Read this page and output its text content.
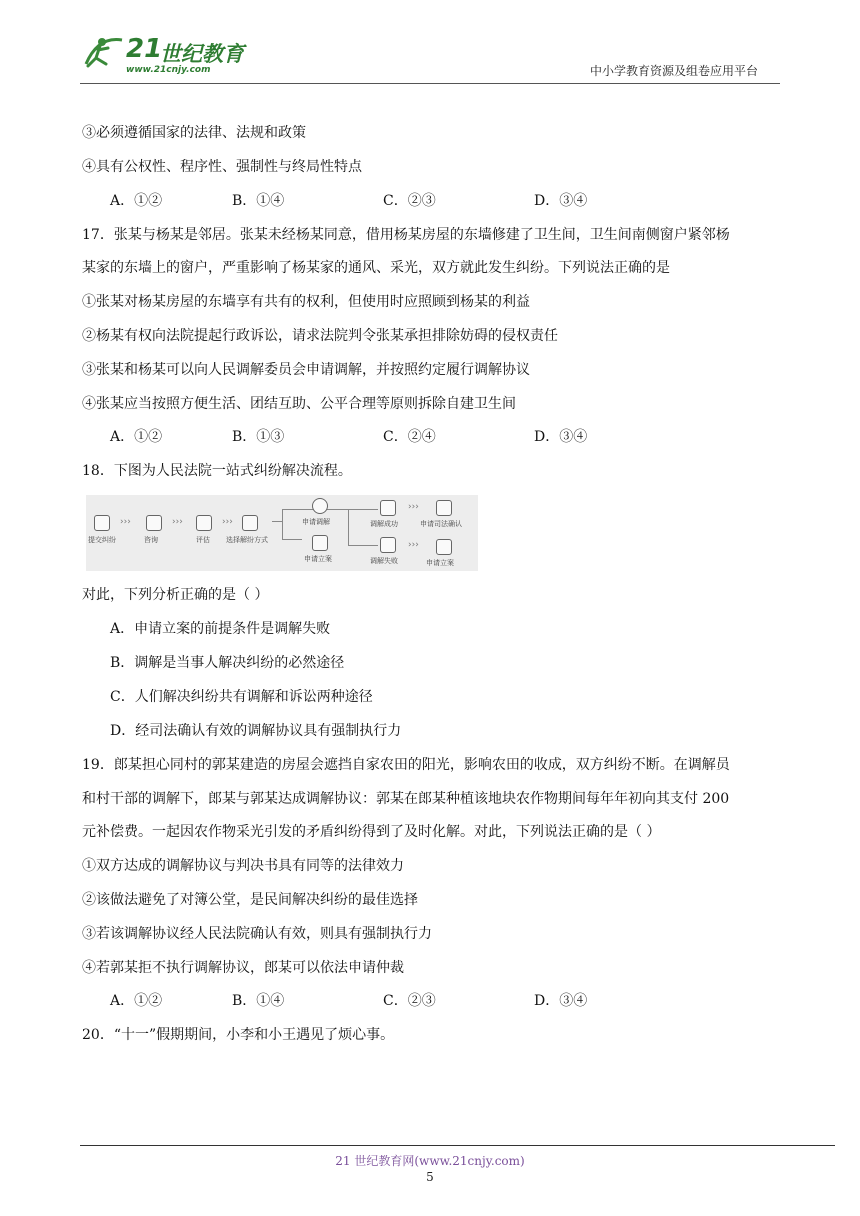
21
世纪教育
www.21cnjy.com	中小学教育资源及组卷应用平台
③必须遵循国家的法律、法规和政策
④具有公权性、程序性、强制性与终局性特点
A．①②	B．①④	C．②③	D．③④
17．张某与杨某是邻居。张某未经杨某同意，借用杨某房屋的东墙修建了卫生间，卫生间南侧窗户紧邻杨
某家的东墙上的窗户，严重影响了杨某家的通风、采光，双方就此发生纠纷。下列说法正确的是
①张某对杨某房屋的东墙享有共有的权利，但使用时应照顾到杨某的利益
②杨某有权向法院提起行政诉讼，请求法院判令张某承担排除妨碍的侵权责任
③张某和杨某可以向人民调解委员会申请调解，并按照约定履行调解协议
④张某应当按照方便生活、团结互助、公平合理等原则拆除自建卫生间
A．①②	B．①③	C．②④	D．③④
18．下图为人民法院一站式纠纷解决流程。
提交纠纷
›››
咨询
›››
评估
›››
选择解纷方式
申请调解
申请立案
调解成功
›››
申请司法确认
调解失败
›››
申请立案
对此，下列分析正确的是（ ）
A．申请立案的前提条件是调解失败
B．调解是当事人解决纠纷的必然途径
C．人们解决纠纷共有调解和诉讼两种途径
D．经司法确认有效的调解协议具有强制执行力
19．郎某担心同村的郭某建造的房屋会遮挡自家农田的阳光，影响农田的收成，双方纠纷不断。在调解员
和村干部的调解下，郎某与郭某达成调解协议：郭某在郎某种植该地块农作物期间每年年初向其支付 200
元补偿费。一起因农作物采光引发的矛盾纠纷得到了及时化解。对此，下列说法正确的是（ ）
①双方达成的调解协议与判决书具有同等的法律效力
②该做法避免了对簿公堂，是民间解决纠纷的最佳选择
③若该调解协议经人民法院确认有效，则具有强制执行力
④若郭某拒不执行调解协议，郎某可以依法申请仲裁
A．①②	B．①④	C．②③	D．③④
20．“十一”假期期间，小李和小王遇见了烦心事。
21 世纪教育网(www.21cnjy.com)
5
